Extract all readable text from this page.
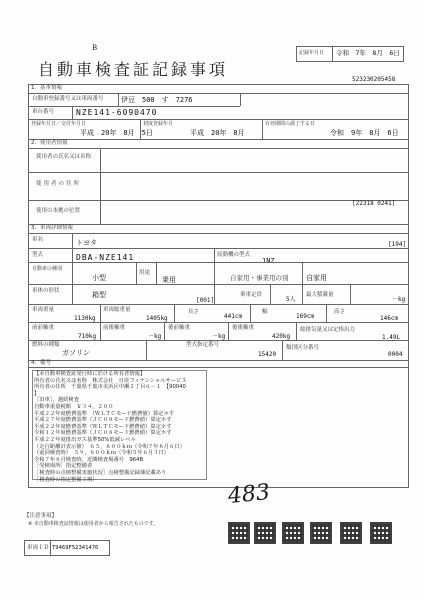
B
自動車検査証記録事項
記録年月日 令和　7年　8月　6日
523230205458
1．基本情報
自動車登録番号又は車両番号 伊豆　500　す　7276
車台番号	NZE141-6090470
登録年月日／交付年月日
平成　20年　8月　5日
初度登録年月
平成　20年　8月
有効期間の満了する日
令和　9年　8月　6日
2．使用者情報
使用者の氏名又は名称
使用者の住所
使用の本拠の位置
[22318 0241]
3．車両詳細情報
車名	トヨタ	[194]
型式	DBA-NZE141	原動機の型式
1NZ
自動車の種別
小型
用途
乗用	自家用・事業用の別	自家用
車体の形状	箱型
[001]
乗車定員
5人
最大積載量
－kg
車両重量
1130kg
車両総重量
1405kg
長さ
441cm
幅
169cm
高さ
146cm
前前軸重
710kg
前後軸重
－kg
後前軸重
－kg
後後軸重
420kg
総排気量又は定格出力
1.49L
燃料の種類
ガソリン
型式指定番号
15420
類別区分番号
0004
4．備考

【本自動車検査証発行時に於ける所有者情報】

所有者の氏名又は名称　株式会社　日産フィナンシャルサービス

所有者の住所　千葉県千葉市美浜区中瀬２丁目６－１　【90040

】

［旧車］，越続検査

自動車重量税額　￥３４，２００

平成２２年度燃費基準　（ＷＬＴＣモード燃費値）算定ホす

平成２７年度燃費基準（ＪＣ０８モード燃費値）算定ホす

平成２２年度燃費基準（ＷＬＴＣモード燃費値）算定ホす

令和１２年度燃費基準（ＪＣ０８モード燃費値）算定ホす

平成２２年度排出ガス基準50%低減レベル

（走行距離計表示値）　６５，８００ｋｍ（令和７年８月６日）

（前回検査時）　５９，６００ｋｍ（令和５年６月３日）

令和７年８月検査時，近隣検査場番号　964B

［受検場所］指定整備者

［検査時の点検整備実施状況］点検整備記録簿記載あり

［検査時の指定整備工場］

483
【注意事項】
※ 本自動車検査証情報は使用者から報告されたものです。
車両ＩＤ T9469F52341476
